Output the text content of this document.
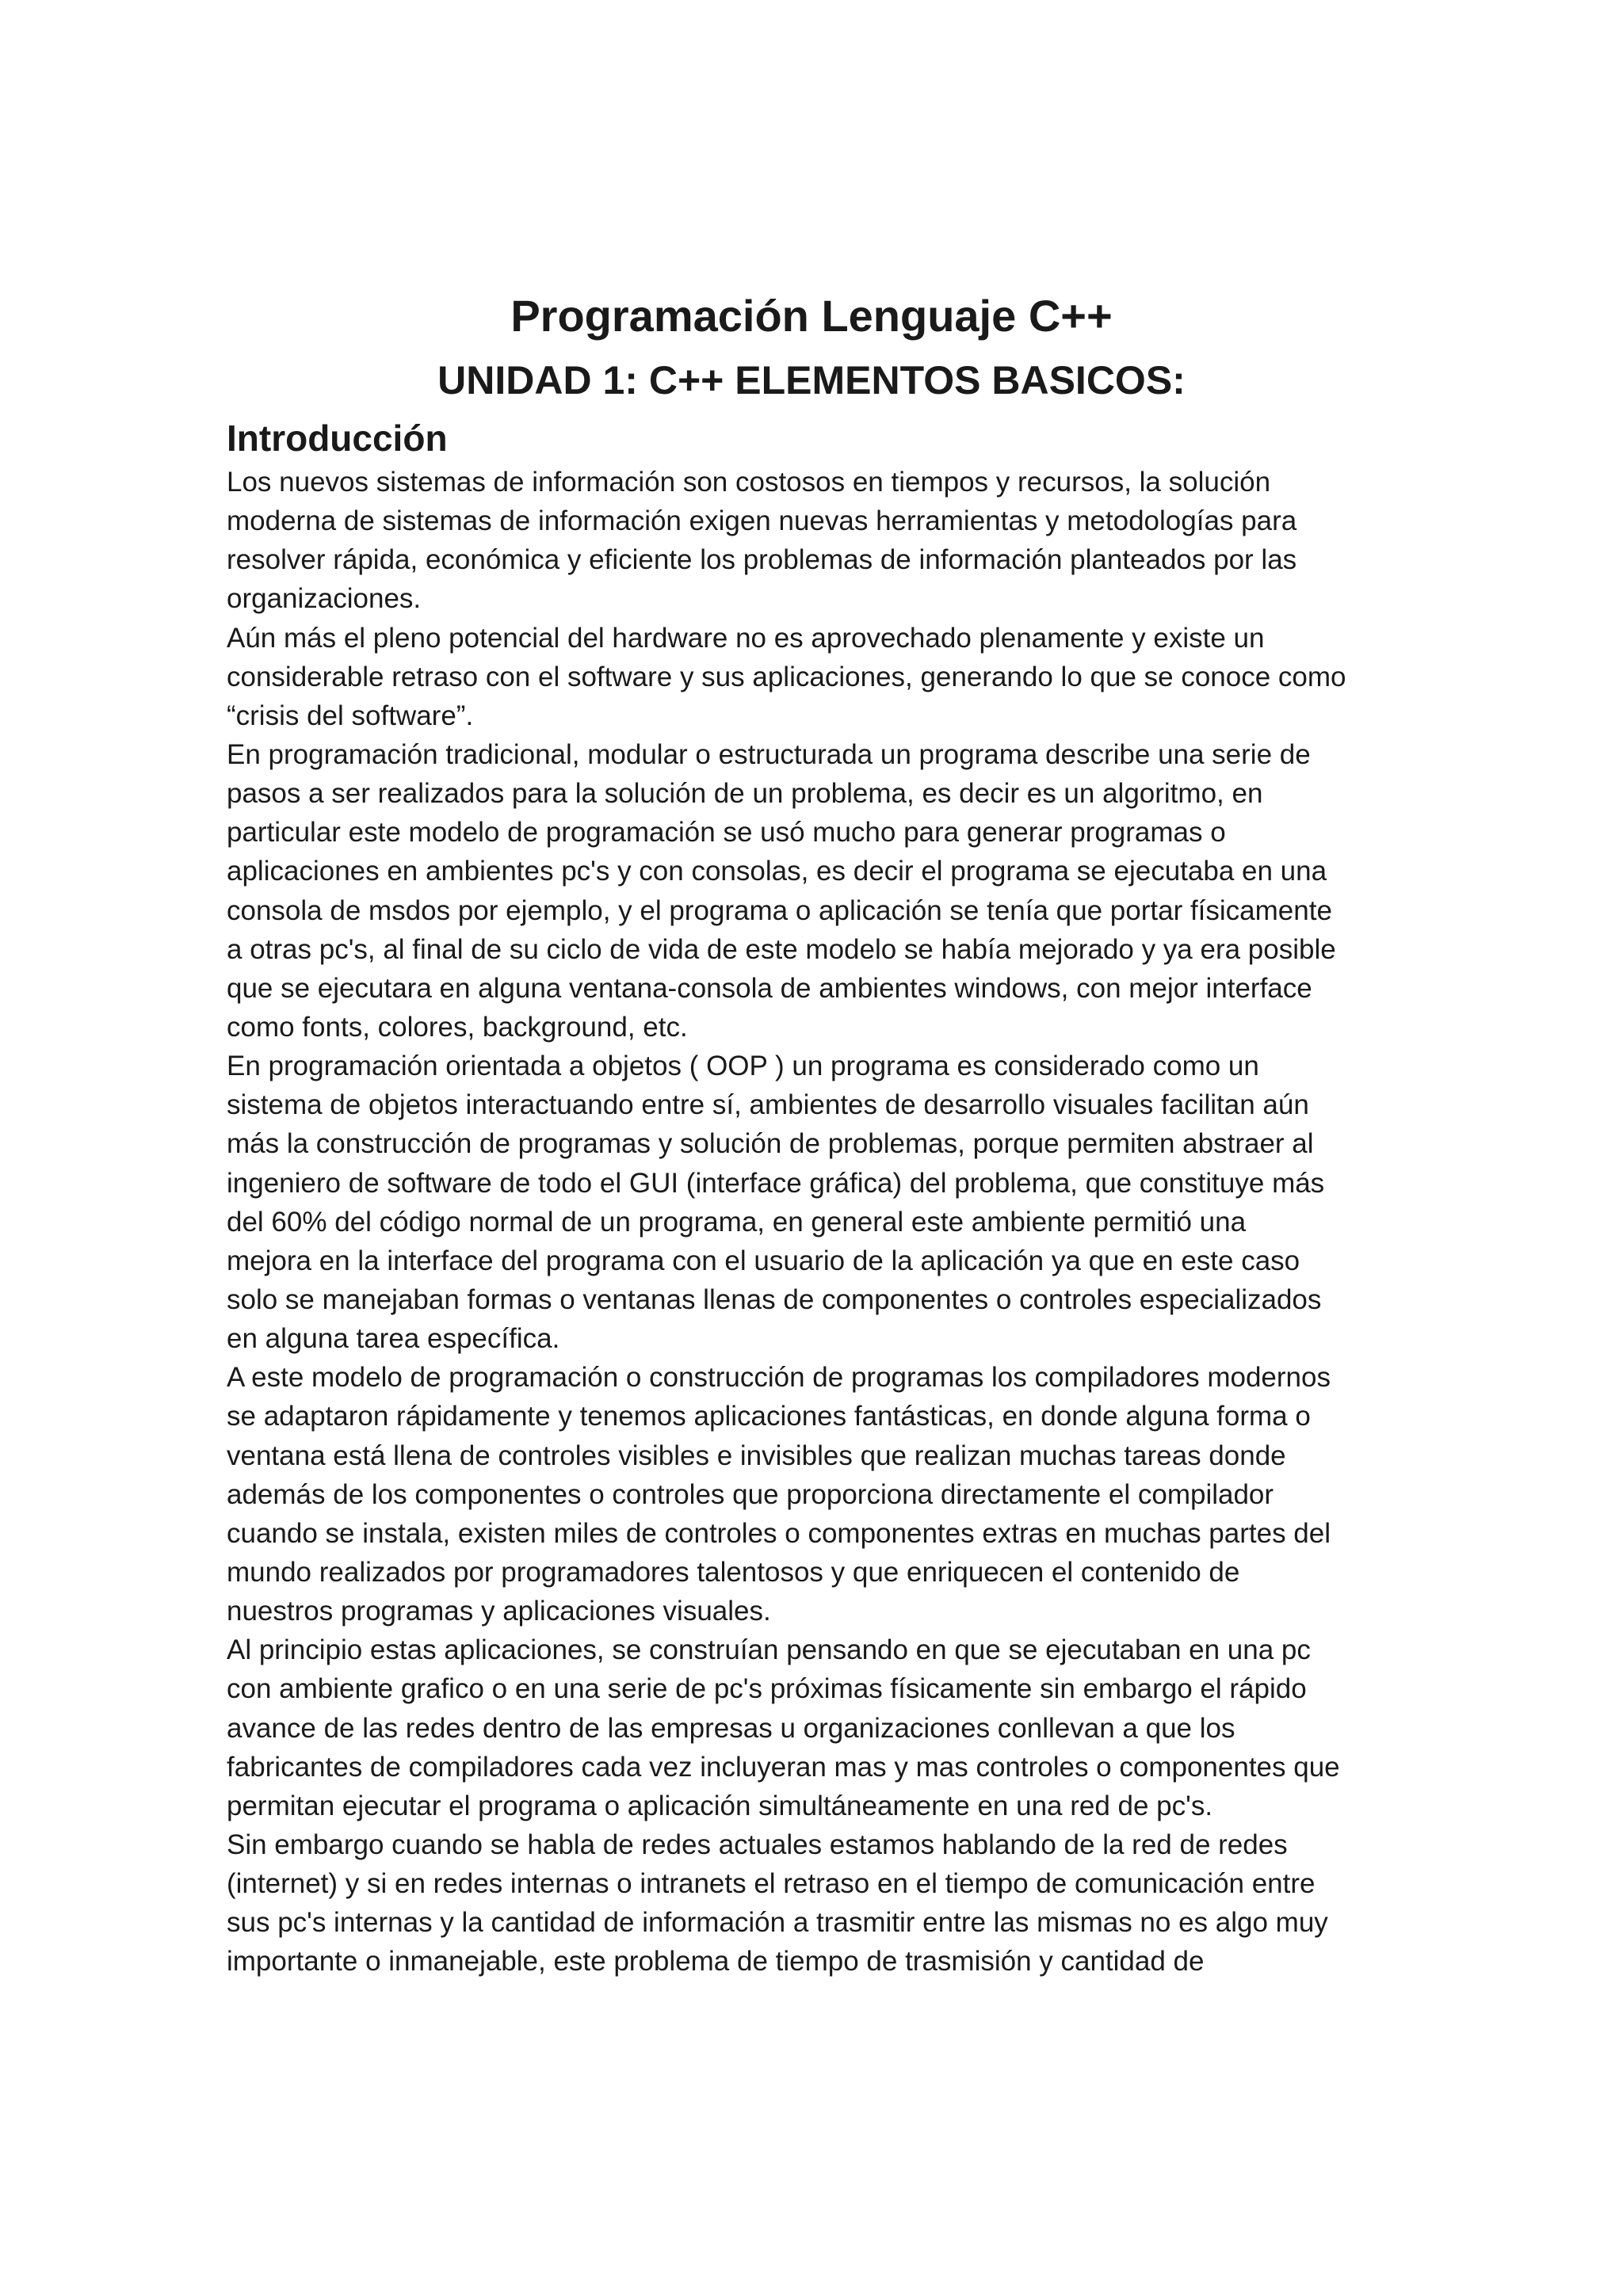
Programación Lenguaje C++
UNIDAD 1: C++ ELEMENTOS BASICOS:
Introducción
Los nuevos sistemas de información son costosos en tiempos y recursos, la solución
moderna de sistemas de información exigen nuevas herramientas y metodologías para
resolver rápida, económica y eficiente los problemas de información planteados por las
organizaciones.
Aún más el pleno potencial del hardware no es aprovechado plenamente y existe un
considerable retraso con el software y sus aplicaciones, generando lo que se conoce como
“crisis del software”.
En programación tradicional, modular o estructurada un programa describe una serie de
pasos a ser realizados para la solución de un problema, es decir es un algoritmo, en
particular este modelo de programación se usó mucho para generar programas o
aplicaciones en ambientes pc's y con consolas, es decir el programa se ejecutaba en una
consola de msdos por ejemplo, y el programa o aplicación se tenía que portar físicamente
a otras pc's, al final de su ciclo de vida de este modelo se había mejorado y ya era posible
que se ejecutara en alguna ventana-consola de ambientes windows, con mejor interface
como fonts, colores, background, etc.
En programación orientada a objetos ( OOP ) un programa es considerado como un
sistema de objetos interactuando entre sí, ambientes de desarrollo visuales facilitan aún
más la construcción de programas y solución de problemas, porque permiten abstraer al
ingeniero de software de todo el GUI (interface gráfica) del problema, que constituye más
del 60% del código normal de un programa, en general este ambiente permitió una
mejora en la interface del programa con el usuario de la aplicación ya que en este caso
solo se manejaban formas o ventanas llenas de componentes o controles especializados
en alguna tarea específica.
A este modelo de programación o construcción de programas los compiladores modernos
se adaptaron rápidamente y tenemos aplicaciones fantásticas, en donde alguna forma o
ventana está llena de controles visibles e invisibles que realizan muchas tareas donde
además de los componentes o controles que proporciona directamente el compilador
cuando se instala, existen miles de controles o componentes extras en muchas partes del
mundo realizados por programadores talentosos y que enriquecen el contenido de
nuestros programas y aplicaciones visuales.
Al principio estas aplicaciones, se construían pensando en que se ejecutaban en una pc
con ambiente grafico o en una serie de pc's próximas físicamente sin embargo el rápido
avance de las redes dentro de las empresas u organizaciones conllevan a que los
fabricantes de compiladores cada vez incluyeran mas y mas controles o componentes que
permitan ejecutar el programa o aplicación simultáneamente en una red de pc's.
Sin embargo cuando se habla de redes actuales estamos hablando de la red de redes
(internet) y si en redes internas o intranets el retraso en el tiempo de comunicación entre
sus pc's internas y la cantidad de información a trasmitir entre las mismas no es algo muy
importante o inmanejable, este problema de tiempo de trasmisión y cantidad de
